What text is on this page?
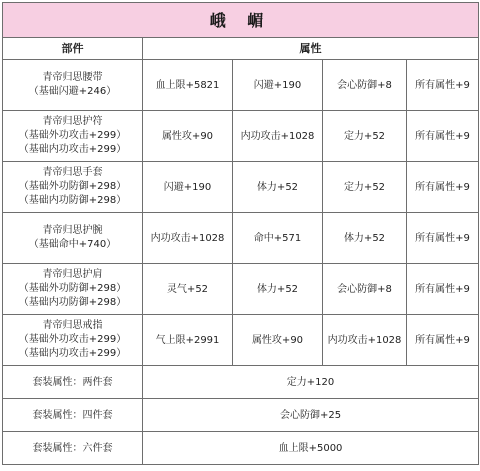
峨 嵋				
部件	属性			

青帝归思腰带
（基础闪避+246）	血上限+5821	闪避+190	会心防御+8	所有属性+9

青帝归思护符
（基础外功攻击+299）
（基础内功攻击+299）	属性攻+90	内功攻击+1028	定力+52	所有属性+9

青帝归思手套
（基础外功防御+298）
（基础内功防御+298）	闪避+190	体力+52	定力+52	所有属性+9

青帝归思护腕
（基础命中+740）	内功攻击+1028	命中+571	体力+52	所有属性+9

青帝归思护肩
（基础外功防御+298）
（基础内功防御+298）	灵气+52	体力+52	会心防御+8	所有属性+9

青帝归思戒指
（基础外功攻击+299）
（基础内功攻击+299）	气上限+2991	属性攻+90	内功攻击+1028	所有属性+9
套装属性：两件套	定力+120			
套装属性：四件套	会心防御+25			
套装属性：六件套	血上限+5000			
